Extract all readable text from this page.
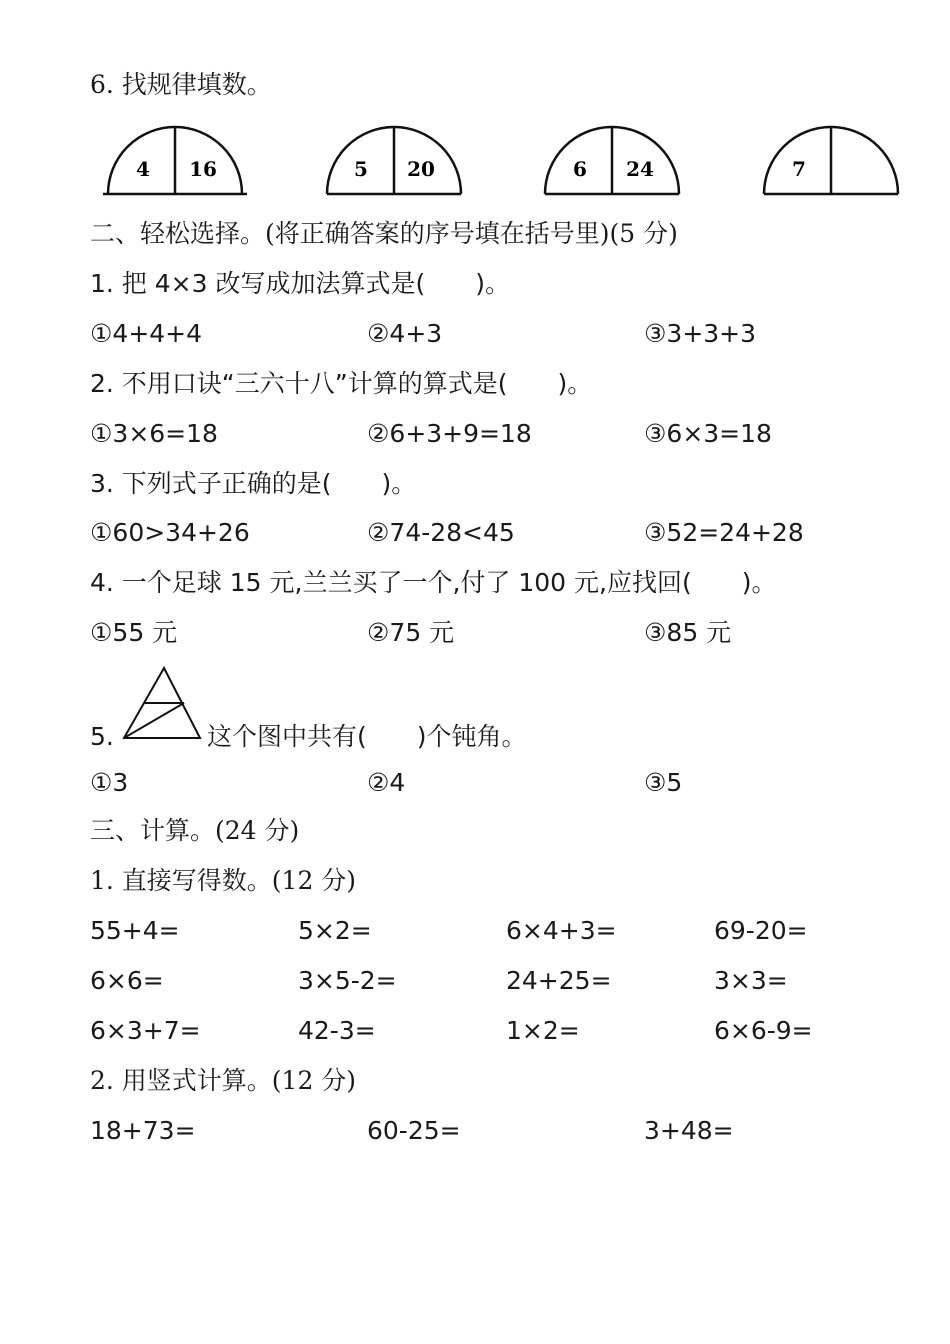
6. 找规律填数。
4 16	5 20	6 24	7
二、轻松选择。(将正确答案的序号填在括号里)(5 分)
1. 把 4×3 改写成加法算式是(　　)。
①4+4+4	②4+3	③3+3+3
2. 不用口诀“三六十八”计算的算式是(　　)。
①3×6=18	②6+3+9=18	③6×3=18
3. 下列式子正确的是(　　)。
①60>34+26	②74-28<45	③52=24+28
4. 一个足球 15 元,兰兰买了一个,付了 100 元,应找回(　　)。
①55 元	②75 元	③85 元
5.	这个图中共有(　　)个钝角。
①3	②4	③5
三、计算。(24 分)
1. 直接写得数。(12 分)
55+4=	5×2=	6×4+3=	69-20=
6×6=	3×5-2=	24+25=	3×3=
6×3+7=	42-3=	1×2=	6×6-9=
2. 用竖式计算。(12 分)
18+73=	60-25=	3+48=
